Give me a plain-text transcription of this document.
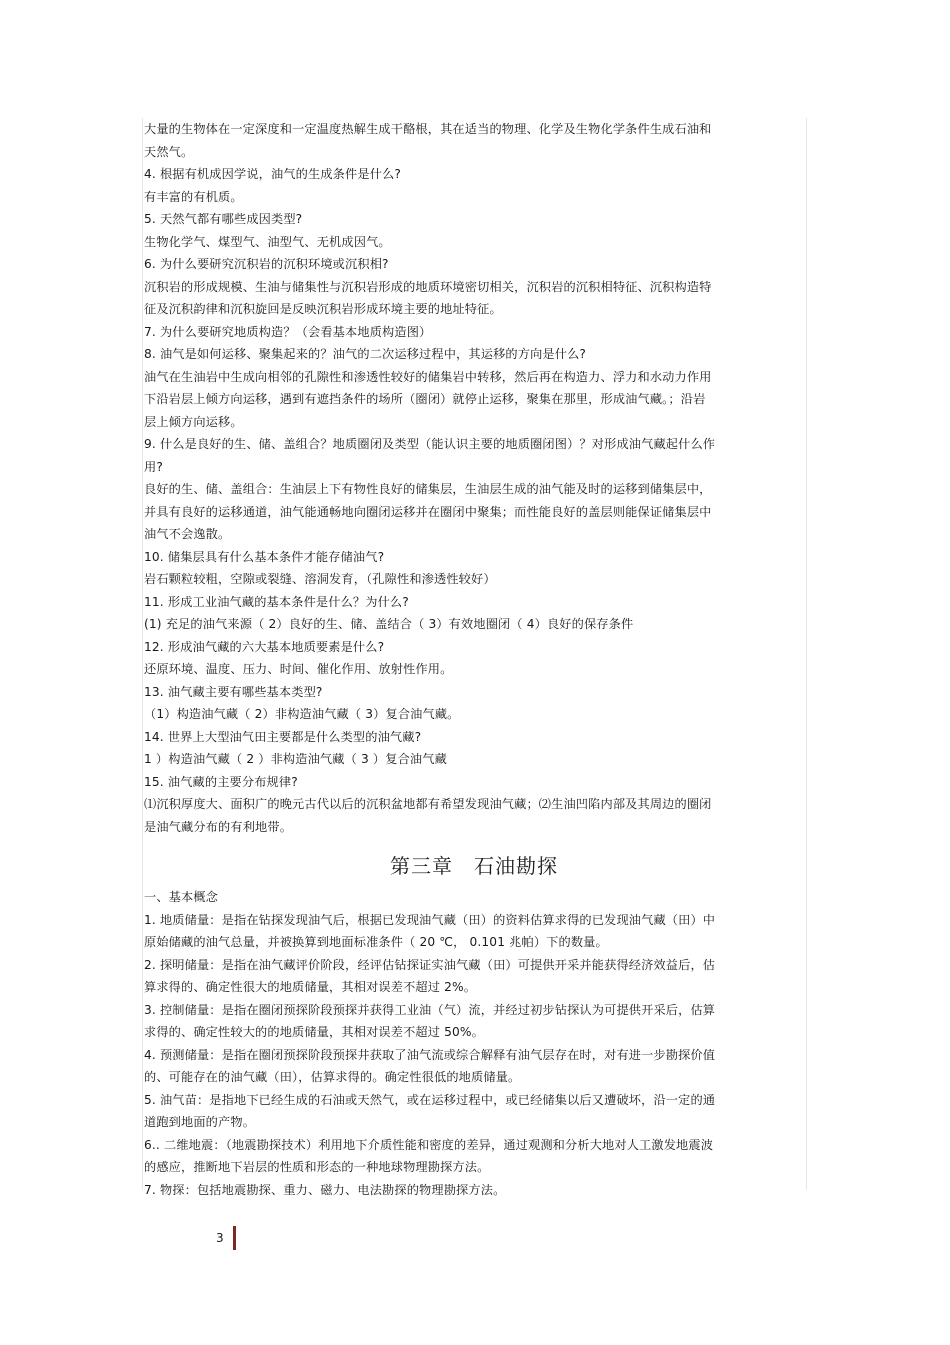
大量的生物体在一定深度和一定温度热解生成干酪根，其在适当的物理、化学及生物化学条件生成石油和
天然气。
4. 根据有机成因学说，油气的生成条件是什么?
有丰富的有机质。
5. 天然气都有哪些成因类型?
生物化学气、煤型气、油型气、无机成因气。
6. 为什么要研究沉积岩的沉积环境或沉积相?
沉积岩的形成规模、生油与储集性与沉积岩形成的地质环境密切相关，沉积岩的沉积相特征、沉积构造特
征及沉积韵律和沉积旋回是反映沉积岩形成环境主要的地址特征。
7. 为什么要研究地质构造？（会看基本地质构造图）
8. 油气是如何运移、聚集起来的？油气的二次运移过程中，其运移的方向是什么?
油气在生油岩中生成向相邻的孔隙性和渗透性较好的储集岩中转移，然后再在构造力、浮力和水动力作用
下沿岩层上倾方向运移，遇到有遮挡条件的场所（圈闭）就停止运移，聚集在那里，形成油气藏。；沿岩
层上倾方向运移。
9. 什么是良好的生、储、盖组合？地质圈闭及类型（能认识主要的地质圈闭图）？对形成油气藏起什么作
用?
良好的生、储、盖组合：生油层上下有物性良好的储集层，生油层生成的油气能及时的运移到储集层中，
并具有良好的运移通道，油气能通畅地向圈闭运移并在圈闭中聚集；而性能良好的盖层则能保证储集层中
油气不会逸散。
10. 储集层具有什么基本条件才能存储油气?
岩石颗粒较粗，空隙或裂缝、溶洞发育，（孔隙性和渗透性较好）
11. 形成工业油气藏的基本条件是什么？为什么?
(1) 充足的油气来源（ 2）良好的生、储、盖结合（ 3）有效地圈闭（ 4）良好的保存条件
12. 形成油气藏的六大基本地质要素是什么?
还原环境、温度、压力、时间、催化作用、放射性作用。
13. 油气藏主要有哪些基本类型?
（1）构造油气藏（ 2）非构造油气藏（ 3）复合油气藏。
14. 世界上大型油气田主要都是什么类型的油气藏?
1 ）构造油气藏（ 2 ）非构造油气藏（ 3 ）复合油气藏
15. 油气藏的主要分布规律?
⑴沉积厚度大、面积广的晚元古代以后的沉积盆地都有希望发现油气藏；⑵生油凹陷内部及其周边的圈闭
是油气藏分布的有利地带。
第三章　石油勘探
一、基本概念
1. 地质储量：是指在钻探发现油气后，根据已发现油气藏（田）的资料估算求得的已发现油气藏（田）中
原始储藏的油气总量，并被换算到地面标准条件（ 20 ℃， 0.101 兆帕）下的数量。
2. 探明储量：是指在油气藏评价阶段，经评估钻探证实油气藏（田）可提供开采并能获得经济效益后，估
算求得的、确定性很大的地质储量，其相对误差不超过 2%。
3. 控制储量：是指在圈闭预探阶段预探并获得工业油（气）流，并经过初步钻探认为可提供开采后，估算
求得的、确定性较大的的地质储量，其相对误差不超过 50%。
4. 预测储量：是指在圈闭预探阶段预探井获取了油气流或综合解释有油气层存在时，对有进一步勘探价值
的、可能存在的油气藏（田），估算求得的。确定性很低的地质储量。
5. 油气苗：是指地下已经生成的石油或天然气，或在运移过程中，或已经储集以后又遭破坏，沿一定的通
道跑到地面的产物。
6.. 二维地震：（地震勘探技术）利用地下介质性能和密度的差异，通过观测和分析大地对人工激发地震波
的感应，推断地下岩层的性质和形态的一种地球物理勘探方法。
7. 物探：包括地震勘探、重力、磁力、电法勘探的物理勘探方法。
3
